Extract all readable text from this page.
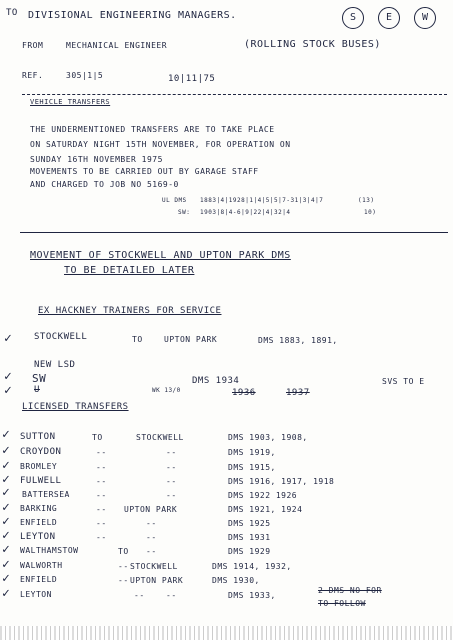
TO DIVISIONAL ENGINEERING MANAGERS.	S	E	W
FROM	MECHANICAL ENGINEER	(ROLLING STOCK BUSES)
REF.	305|1|5	10|11|75
VEHICLE TRANSFERS
THE UNDERMENTIONED TRANSFERS ARE TO TAKE PLACE
ON SATURDAY NIGHT 15TH NOVEMBER, FOR OPERATION ON
SUNDAY 16TH NOVEMBER 1975
MOVEMENTS TO BE CARRIED OUT BY GARAGE STAFF
AND CHARGED TO JOB NO 5169-0
UL DMS 1883|4|1928|1|4|5|5|7-31|3|4|7	(13)
SW: 1903|8|4-6|9|22|4|32|4	10)
MOVEMENT OF STOCKWELL AND UPTON PARK DMS
TO BE DETAILED LATER
EX HACKNEY TRAINERS FOR SERVICE
✓ STOCKWELL	TO	UPTON PARK	DMS 1883, 1891,
NEW LSD
✓ SW
✓ U	WK 13/0
DMS 1934
1936	1937
SVS TO E
LICENSED TRANSFERS
✓ SUTTON	TO	STOCKWELL	DMS 1903, 1908,
✓ CROYDON	--	--	DMS 1919,
✓ BROMLEY	--	--	DMS 1915,
✓ FULWELL	--	--	DMS 1916, 1917, 1918
✓ BATTERSEA	--	--	DMS 1922 1926
✓ BARKING	-- UPTON PARK	DMS 1921, 1924
✓ ENFIELD	--	--	DMS 1925
✓ LEYTON	--	--	DMS 1931
✓ WALTHAMSTOW	TO --	DMS 1929
✓ WALWORTH	-- STOCKWELL	DMS 1914, 1932,
✓ ENFIELD	-- UPTON PARK	DMS 1930,
✓ LEYTON	--	--	DMS 1933,
2 DMS NO FOR
TO FOLLOW
